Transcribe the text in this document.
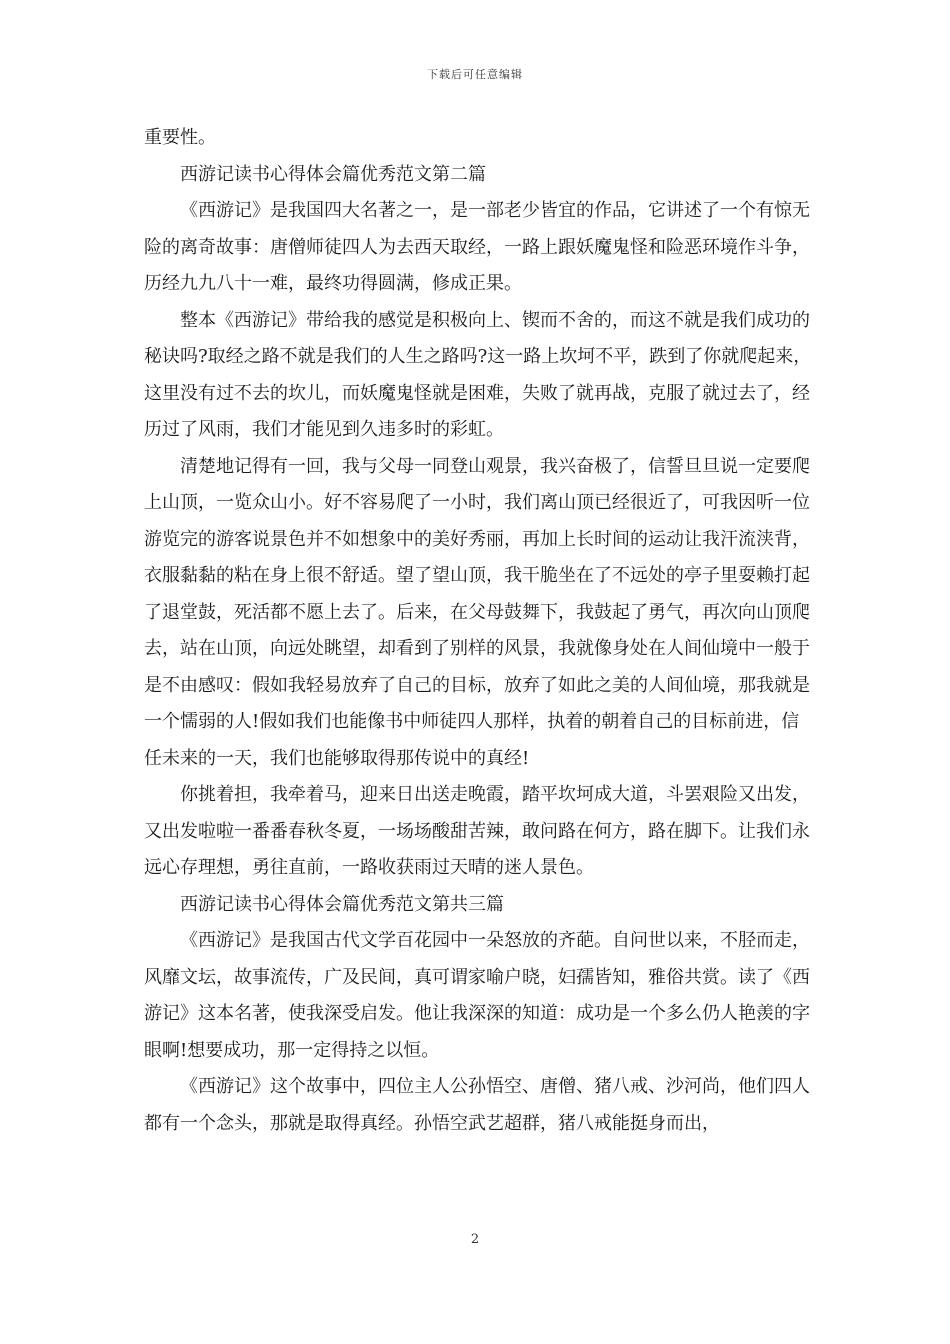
下载后可任意编辑

重要性。

西游记读书心得体会篇优秀范文第二篇

《西游记》是我国四大名著之一，是一部老少皆宜的作品，它讲述了一个有惊无险的离奇故事：唐僧师徒四人为去西天取经，一路上跟妖魔鬼怪和险恶环境作斗争，历经九九八十一难，最终功得圆满，修成正果。

整本《西游记》带给我的感觉是积极向上、锲而不舍的，而这不就是我们成功的秘诀吗?取经之路不就是我们的人生之路吗?这一路上坎坷不平，跌到了你就爬起来，这里没有过不去的坎儿，而妖魔鬼怪就是困难，失败了就再战，克服了就过去了，经历过了风雨，我们才能见到久违多时的彩虹。

清楚地记得有一回，我与父母一同登山观景，我兴奋极了，信誓旦旦说一定要爬上山顶，一览众山小。好不容易爬了一小时，我们离山顶已经很近了，可我因听一位游览完的游客说景色并不如想象中的美好秀丽，再加上长时间的运动让我汗流浃背，衣服黏黏的粘在身上很不舒适。望了望山顶，我干脆坐在了不远处的亭子里耍赖打起了退堂鼓，死活都不愿上去了。后来，在父母鼓舞下，我鼓起了勇气，再次向山顶爬去，站在山顶，向远处眺望，却看到了别样的风景，我就像身处在人间仙境中一般于是不由感叹：假如我轻易放弃了自己的目标，放弃了如此之美的人间仙境，那我就是一个懦弱的人!假如我们也能像书中师徒四人那样，执着的朝着自己的目标前进，信任未来的一天，我们也能够取得那传说中的真经!

你挑着担，我牵着马，迎来日出送走晚霞，踏平坎坷成大道，斗罢艰险又出发，又出发啦啦一番番春秋冬夏，一场场酸甜苦辣，敢问路在何方，路在脚下。让我们永远心存理想，勇往直前，一路收获雨过天晴的迷人景色。

西游记读书心得体会篇优秀范文第共三篇

《西游记》是我国古代文学百花园中一朵怒放的齐葩。自问世以来，不胫而走，风靡文坛，故事流传，广及民间，真可谓家喻户晓，妇孺皆知，雅俗共赏。读了《西游记》这本名著，使我深受启发。他让我深深的知道：成功是一个多么仍人艳羡的字眼啊!想要成功，那一定得持之以恒。

《西游记》这个故事中，四位主人公孙悟空、唐僧、猪八戒、沙河尚，他们四人都有一个念头，那就是取得真经。孙悟空武艺超群，猪八戒能挺身而出，

2
